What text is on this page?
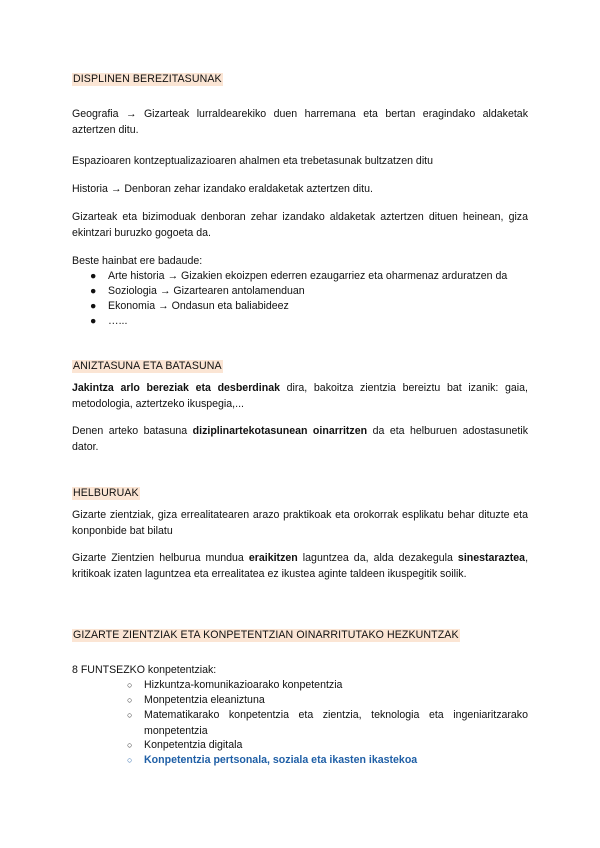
DISPLINEN BEREZITASUNAK
Geografia → Gizarteak lurraldearekiko duen harremana eta bertan eragindako aldaketak aztertzen ditu.
Espazioaren kontzeptualizazioaren ahalmen eta trebetasunak bultzatzen ditu
Historia → Denboran zehar izandako eraldaketak aztertzen ditu.
Gizarteak eta bizimoduak denboran zehar izandako aldaketak aztertzen dituen heinean, giza ekintzari buruzko gogoeta da.
Beste hainbat ere badaude:
●	Arte historia → Gizakien ekoizpen ederren ezaugarriez eta oharmenaz arduratzen da
●	Soziologia → Gizartearen antolamenduan
●	Ekonomia → Ondasun eta baliabideez
●	…...
ANIZTASUNA ETA BATASUNA
Jakintza arlo bereziak eta desberdinak dira, bakoitza zientzia bereiztu bat izanik: gaia, metodologia, aztertzeko ikuspegia,...
Denen arteko batasuna diziplinartekotasunean oinarritzen da eta helburuen adostasunetik dator.
HELBURUAK
Gizarte zientziak, giza errealitatearen arazo praktikoak eta orokorrak esplikatu behar dituzte eta konponbide bat bilatu
Gizarte Zientzien helburua mundua eraikitzen laguntzea da, alda dezakegula sinestaraztea, kritikoak izaten laguntzea eta errealitatea ez ikustea aginte taldeen ikuspegitik soilik.
GIZARTE ZIENTZIAK ETA KONPETENTZIAN OINARRITUTAKO HEZKUNTZAK
8 FUNTSEZKO konpetentziak:
○ Hizkuntza-komunikazioarako konpetentzia
○ Monpetentzia eleaniztuna
○ Matematikarako konpetentzia eta zientzia, teknologia eta ingeniaritzarako monpetentzia
○ Konpetentzia digitala
○ Konpetentzia pertsonala, soziala eta ikasten ikastekoa
